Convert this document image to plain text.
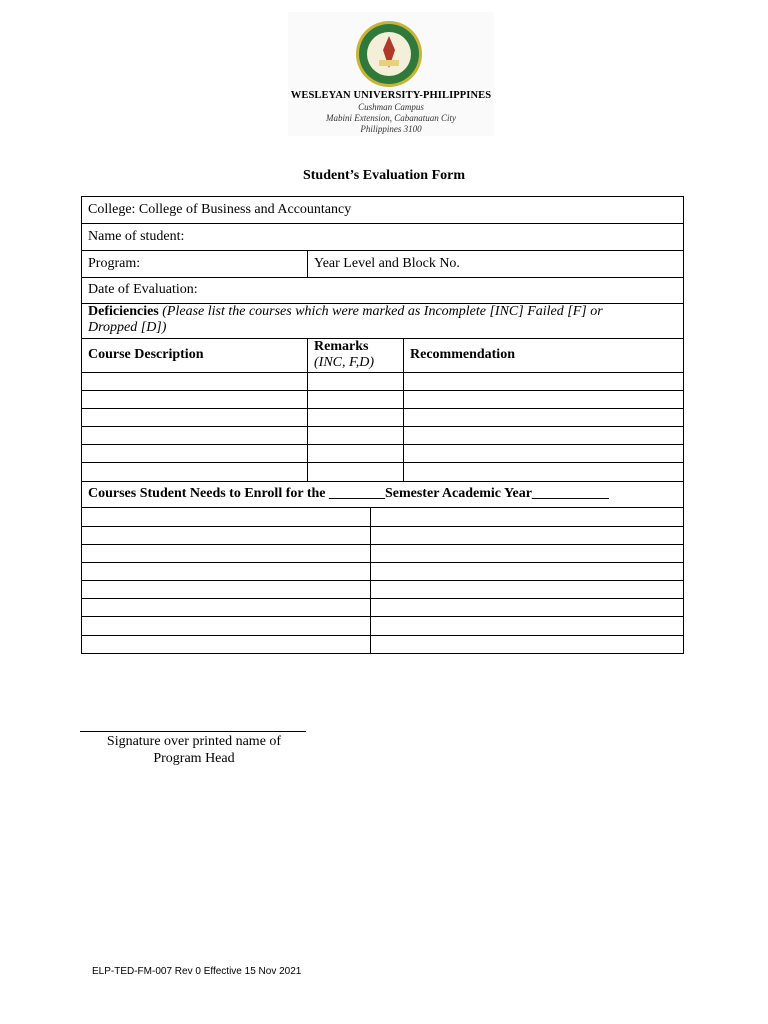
WESLEYAN UNIVERSITY-PHILIPPINES
Cushman Campus
Mabini Extension, Cabanatuan City
Philippines 3100
Student’s Evaluation Form
College: College of Business and Accountancy
Name of student:
Program:	Year Level and Block No.
Date of Evaluation:
Deficiencies (Please list the courses which were marked as Incomplete [INC] Failed [F] or
Dropped [D])
Course Description
Remarks
(INC, F,D)
Recommendation
Courses Student Needs to Enroll for the ________Semester Academic Year___________
Signature over printed name of
Program Head
ELP-TED-FM-007 Rev 0 Effective 15 Nov 2021
